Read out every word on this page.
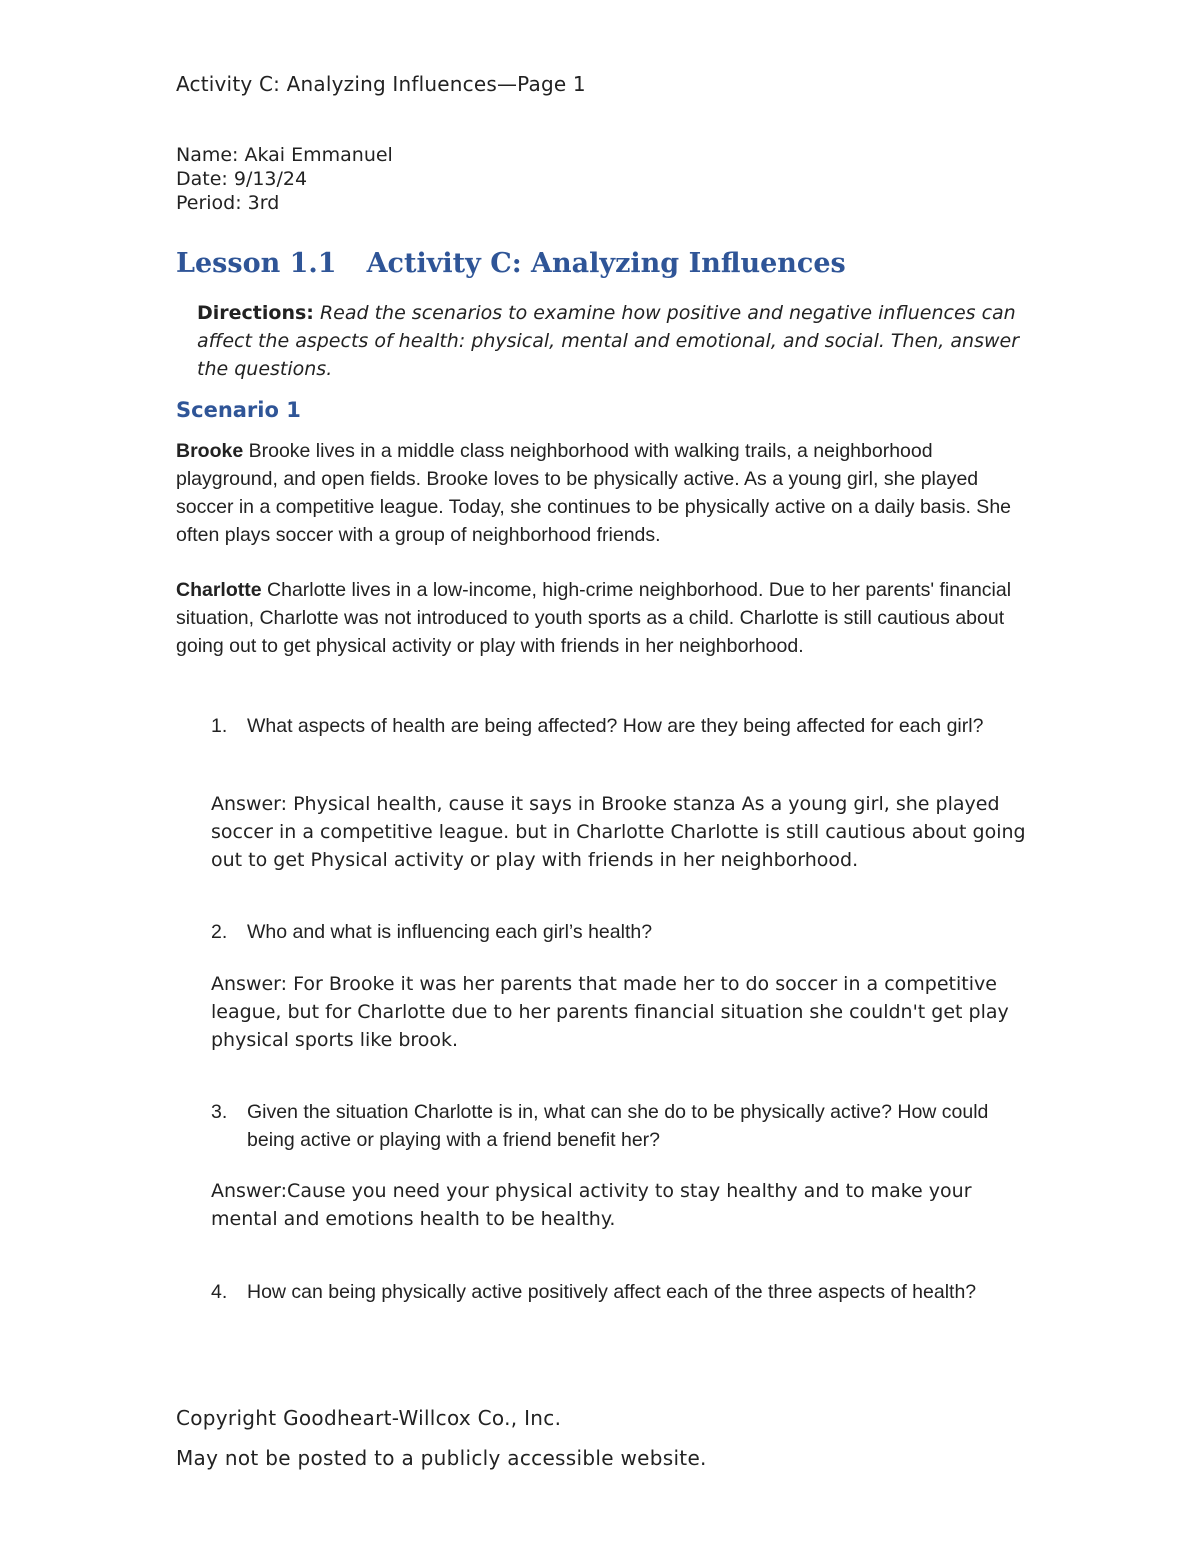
Activity C: Analyzing Influences—Page 1
Name: Akai Emmanuel
Date: 9/13/24
Period: 3rd
Lesson 1.1 Activity C: Analyzing Influences
Directions: Read the scenarios to examine how positive and negative influences can affect the aspects of health: physical, mental and emotional, and social. Then, answer the questions.
Scenario 1
Brooke Brooke lives in a middle class neighborhood with walking trails, a neighborhood playground, and open fields. Brooke loves to be physically active. As a young girl, she played soccer in a competitive league. Today, she continues to be physically active on a daily basis. She often plays soccer with a group of neighborhood friends.
Charlotte Charlotte lives in a low-income, high-crime neighborhood. Due to her parents' financial situation, Charlotte was not introduced to youth sports as a child. Charlotte is still cautious about going out to get physical activity or play with friends in her neighborhood.
1.	What aspects of health are being affected? How are they being affected for each girl?
Answer: Physical health, cause it says in Brooke stanza As a young girl, she played soccer in a competitive league. but in Charlotte Charlotte is still cautious about going out to get Physical activity or play with friends in her neighborhood.
2.	Who and what is influencing each girl’s health?
Answer: For Brooke it was her parents that made her to do soccer in a competitive league, but for Charlotte due to her parents financial situation she couldn't get play physical sports like brook.
3.	Given the situation Charlotte is in, what can she do to be physically active? How could being active or playing with a friend benefit her?
Answer:Cause you need your physical activity to stay healthy and to make your mental and emotions health to be healthy.
4.	How can being physically active positively affect each of the three aspects of health?
Copyright Goodheart-Willcox Co., Inc.
May not be posted to a publicly accessible website.
